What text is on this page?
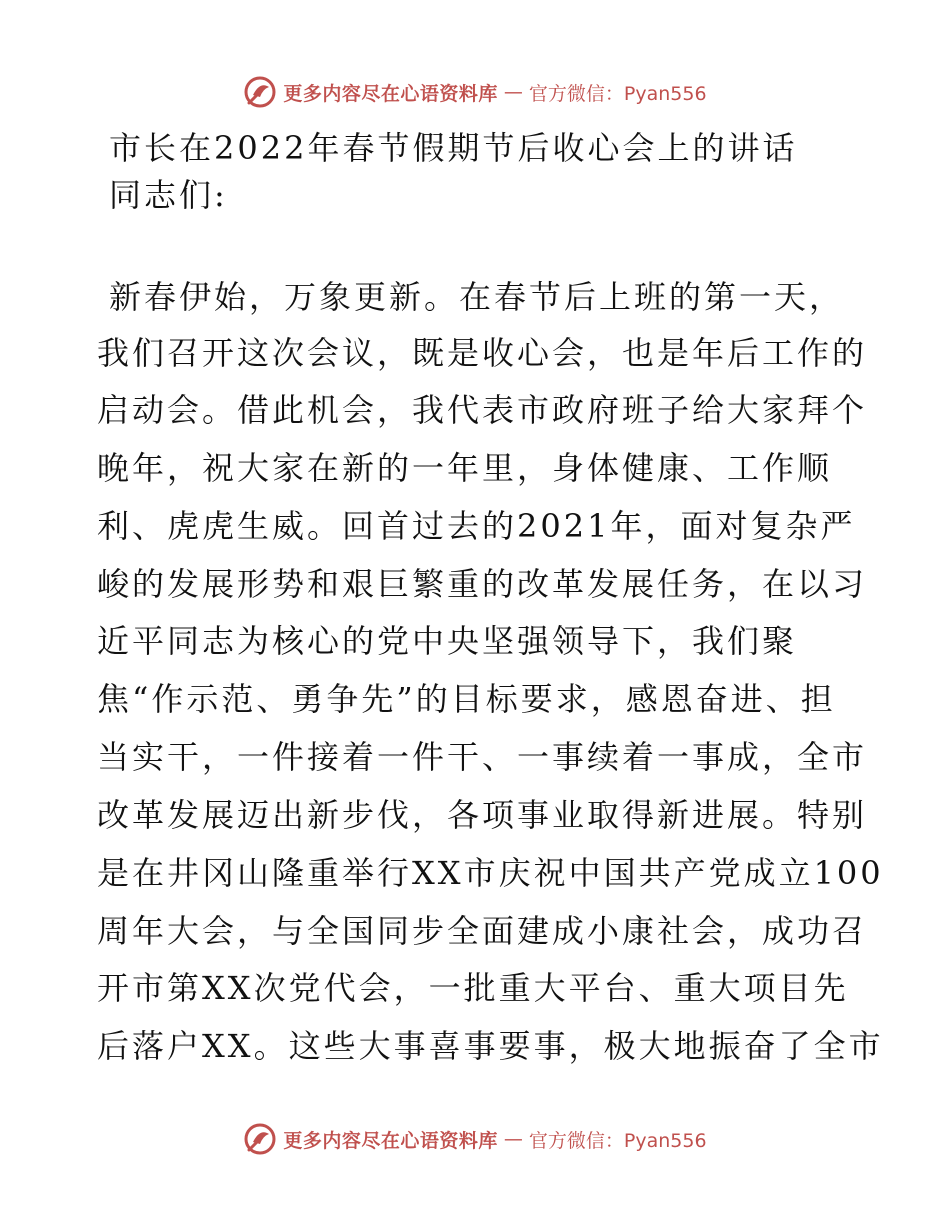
更多内容尽在心语资料库 — 官方微信：Pyan556
市长在2022年春节假期节后收心会上的讲话
同志们:
新春伊始，万象更新。在春节后上班的第一天，
我们召开这次会议，既是收心会，也是年后工作的
启动会。借此机会，我代表市政府班子给大家拜个
晚年，祝大家在新的一年里，身体健康、工作顺
利、虎虎生威。回首过去的2021年，面对复杂严
峻的发展形势和艰巨繁重的改革发展任务，在以习
近平同志为核心的党中央坚强领导下，我们聚
焦“作示范、勇争先”的目标要求，感恩奋进、担
当实干，一件接着一件干、一事续着一事成，全市
改革发展迈出新步伐，各项事业取得新进展。特别
是在井冈山隆重举行XX市庆祝中国共产党成立100
周年大会，与全国同步全面建成小康社会，成功召
开市第XX次党代会，一批重大平台、重大项目先
后落户XX。这些大事喜事要事，极大地振奋了全市
更多内容尽在心语资料库 — 官方微信：Pyan556
